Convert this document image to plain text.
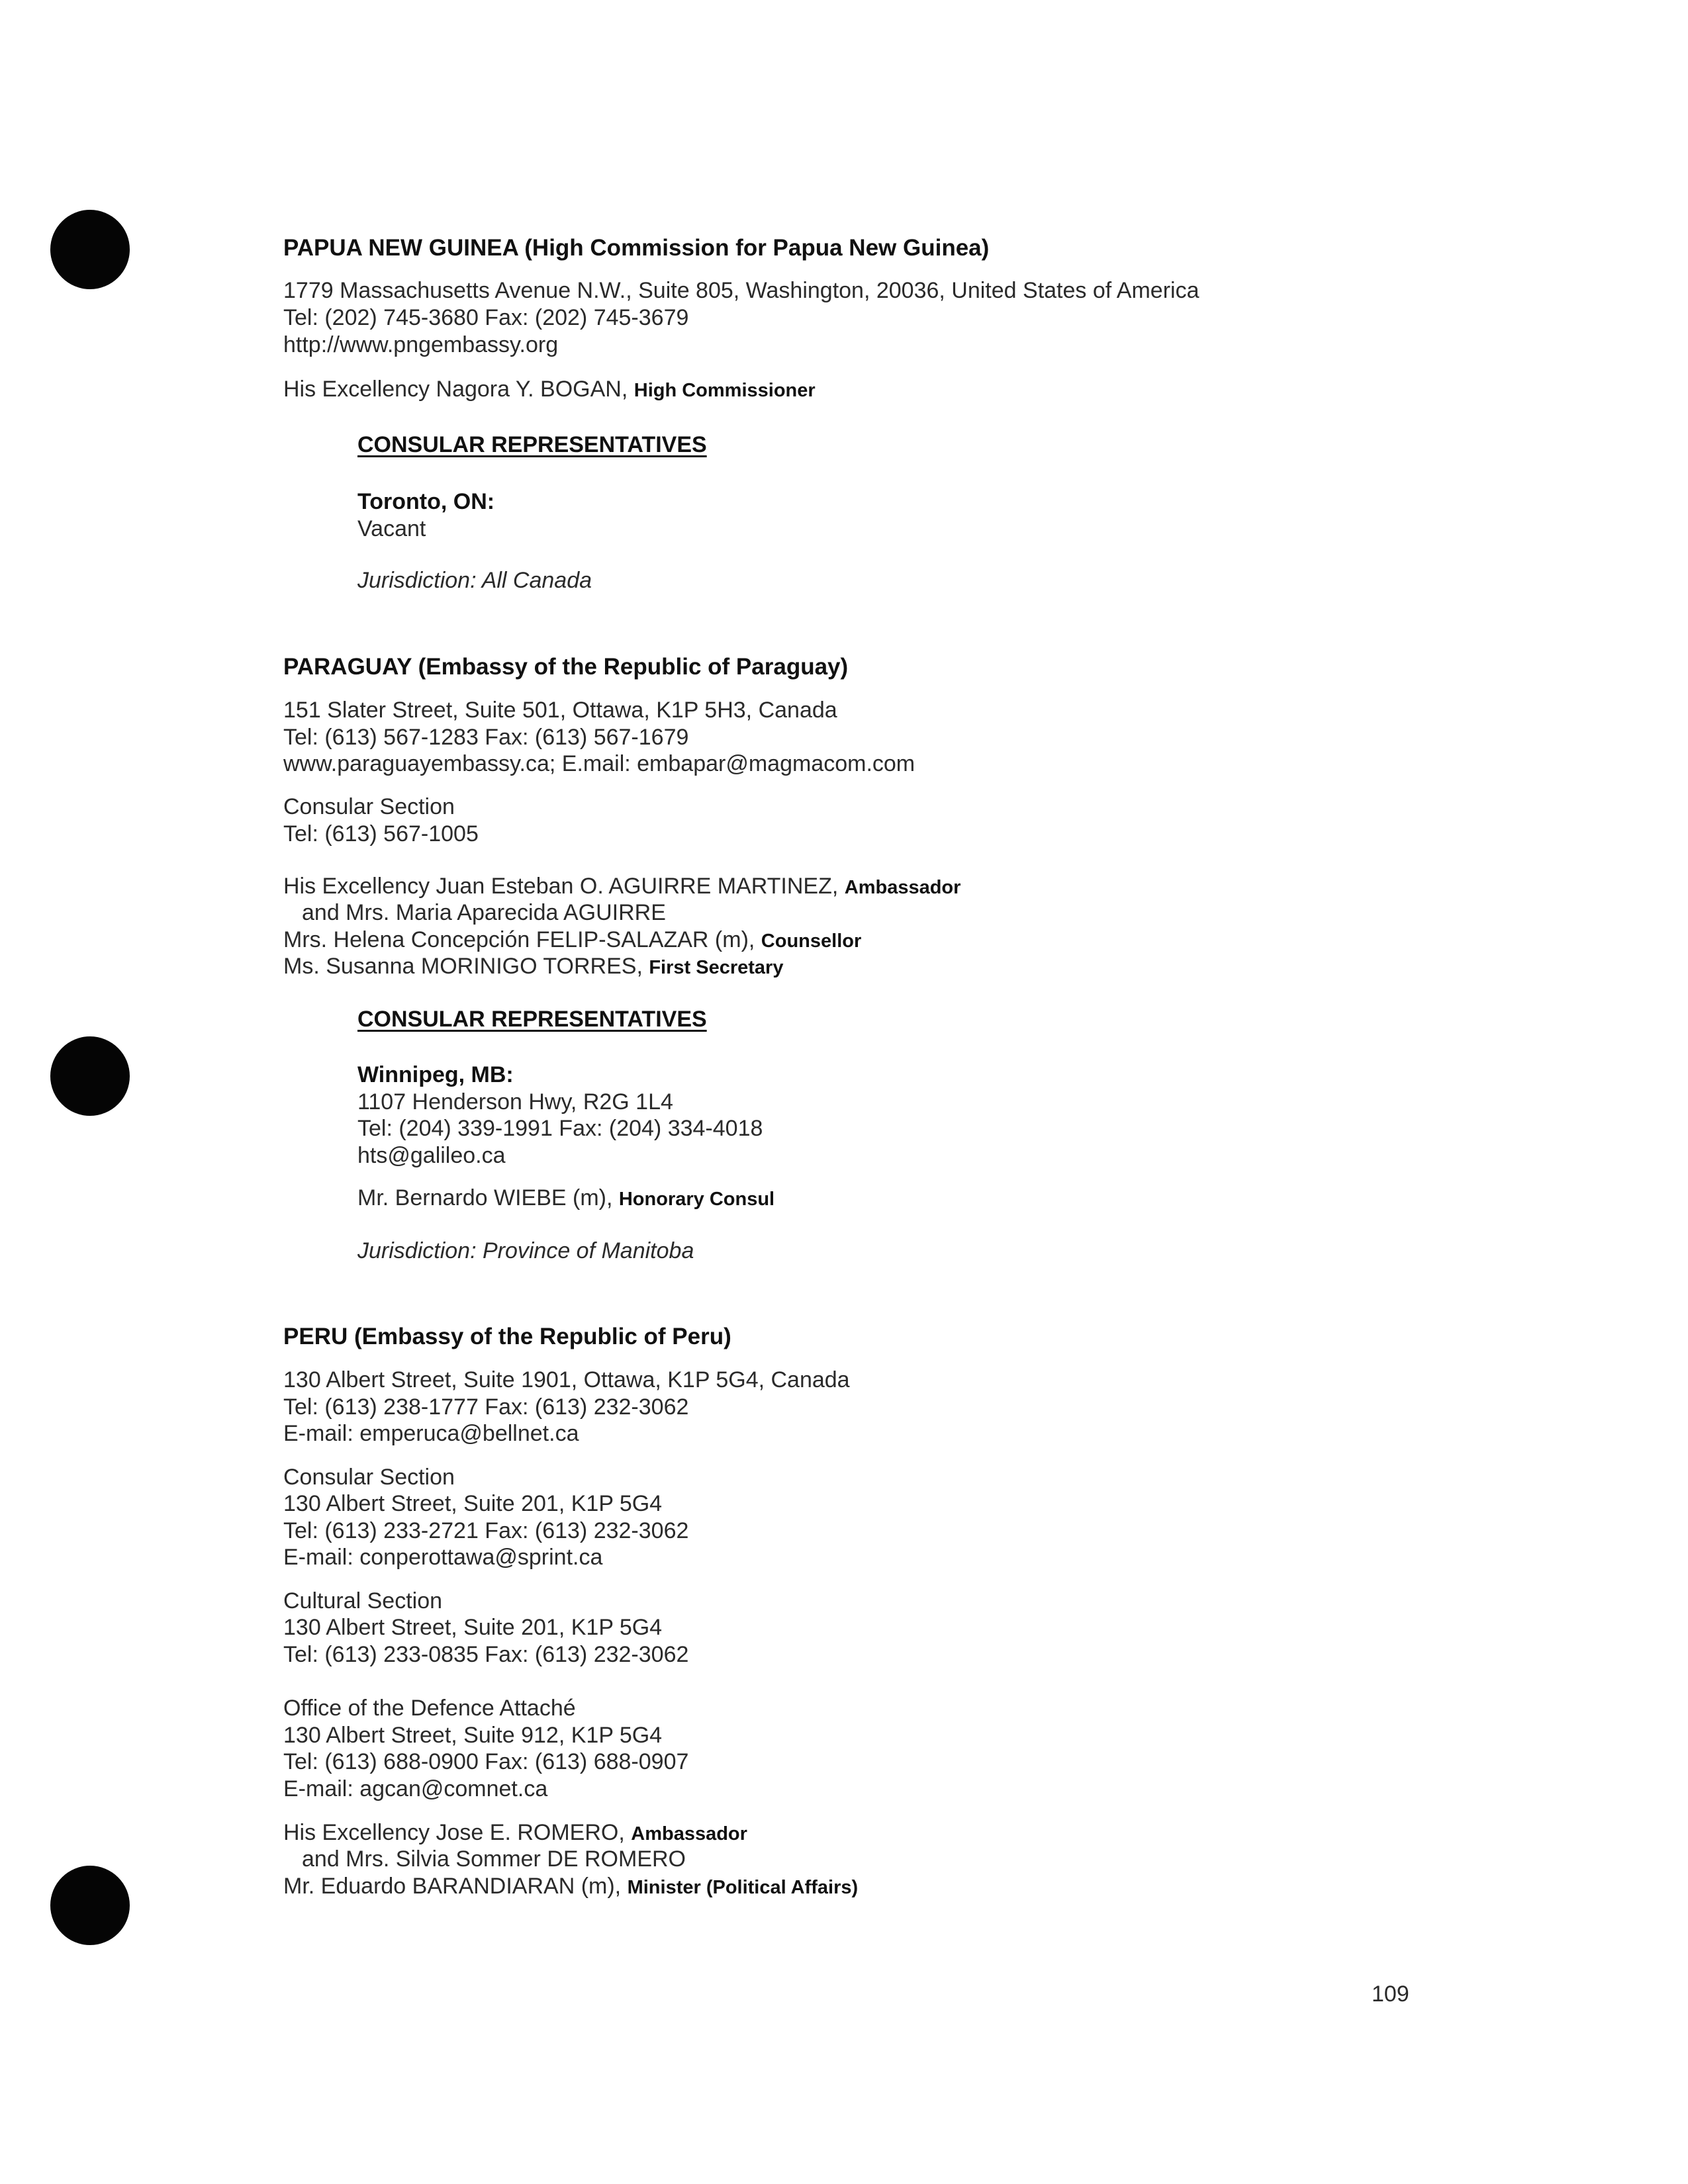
PAPUA NEW GUINEA (High Commission for Papua New Guinea)
1779 Massachusetts Avenue N.W., Suite 805, Washington, 20036, United States of America
Tel: (202) 745-3680 Fax: (202) 745-3679
http://www.pngembassy.org
His Excellency Nagora Y. BOGAN, High Commissioner
CONSULAR REPRESENTATIVES
Toronto, ON:
Vacant
Jurisdiction: All Canada
PARAGUAY (Embassy of the Republic of Paraguay)
151 Slater Street, Suite 501, Ottawa, K1P 5H3, Canada
Tel: (613) 567-1283 Fax: (613) 567-1679
www.paraguayembassy.ca; E.mail: embapar@magmacom.com
Consular Section
Tel: (613) 567-1005
His Excellency Juan Esteban O. AGUIRRE MARTINEZ, Ambassador
and Mrs. Maria Aparecida AGUIRRE
Mrs. Helena Concepción FELIP-SALAZAR (m), Counsellor
Ms. Susanna MORINIGO TORRES, First Secretary
CONSULAR REPRESENTATIVES
Winnipeg, MB:
1107 Henderson Hwy, R2G 1L4
Tel: (204) 339-1991 Fax: (204) 334-4018
hts@galileo.ca
Mr. Bernardo WIEBE (m), Honorary Consul
Jurisdiction: Province of Manitoba
PERU (Embassy of the Republic of Peru)
130 Albert Street, Suite 1901, Ottawa, K1P 5G4, Canada
Tel: (613) 238-1777 Fax: (613) 232-3062
E-mail: emperuca@bellnet.ca
Consular Section
130 Albert Street, Suite 201, K1P 5G4
Tel: (613) 233-2721 Fax: (613) 232-3062
E-mail: conperottawa@sprint.ca
Cultural Section
130 Albert Street, Suite 201, K1P 5G4
Tel: (613) 233-0835 Fax: (613) 232-3062
Office of the Defence Attaché
130 Albert Street, Suite 912, K1P 5G4
Tel: (613) 688-0900 Fax: (613) 688-0907
E-mail: agcan@comnet.ca
His Excellency Jose E. ROMERO, Ambassador
and Mrs. Silvia Sommer DE ROMERO
Mr. Eduardo BARANDIARAN (m), Minister (Political Affairs)
109
